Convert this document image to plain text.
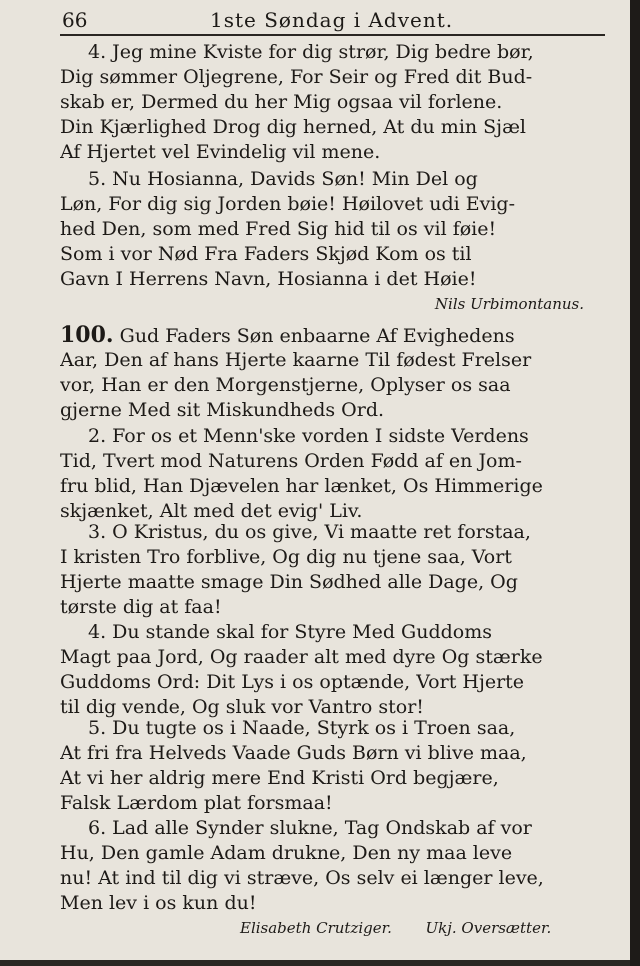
66	1ste Søndag i Advent.
4. Jeg mine Kviste for dig strør, Dig bedre bør,
Dig sømmer Oljegrene, For Seir og Fred dit Bud-
skab er, Dermed du her Mig ogsaa vil forlene.
Din Kjærlighed Drog dig herned, At du min Sjæl
Af Hjertet vel Evindelig vil mene.
5. Nu Hosianna, Davids Søn! Min Del og
Løn, For dig sig Jorden bøie! Høilovet udi Evig-
hed Den, som med Fred Sig hid til os vil føie!
Som i vor Nød Fra Faders Skjød Kom os til
Gavn I Herrens Navn, Hosianna i det Høie!
Nils Urbimontanus.
100. Gud Faders Søn enbaarne Af Evighedens
Aar, Den af hans Hjerte kaarne Til fødest Frelser
vor, Han er den Morgenstjerne, Oplyser os saa
gjerne Med sit Miskundheds Ord.
2. For os et Menn'ske vorden I sidste Verdens
Tid, Tvert mod Naturens Orden Fødd af en Jom-
fru blid, Han Djævelen har lænket, Os Himmerige
skjænket, Alt med det evig' Liv.
3. O Kristus, du os give, Vi maatte ret forstaa,
I kristen Tro forblive, Og dig nu tjene saa, Vort
Hjerte maatte smage Din Sødhed alle Dage, Og
tørste dig at faa!
4. Du stande skal for Styre Med Guddoms
Magt paa Jord, Og raader alt med dyre Og stærke
Guddoms Ord: Dit Lys i os optænde, Vort Hjerte
til dig vende, Og sluk vor Vantro stor!
5. Du tugte os i Naade, Styrk os i Troen saa,
At fri fra Helveds Vaade Guds Børn vi blive maa,
At vi her aldrig mere End Kristi Ord begjære,
Falsk Lærdom plat forsmaa!
6. Lad alle Synder slukne, Tag Ondskab af vor
Hu, Den gamle Adam drukne, Den ny maa leve
nu! At ind til dig vi stræve, Os selv ei længer leve,
Men lev i os kun du!
Elisabeth Crutziger. Ukj. Oversætter.
